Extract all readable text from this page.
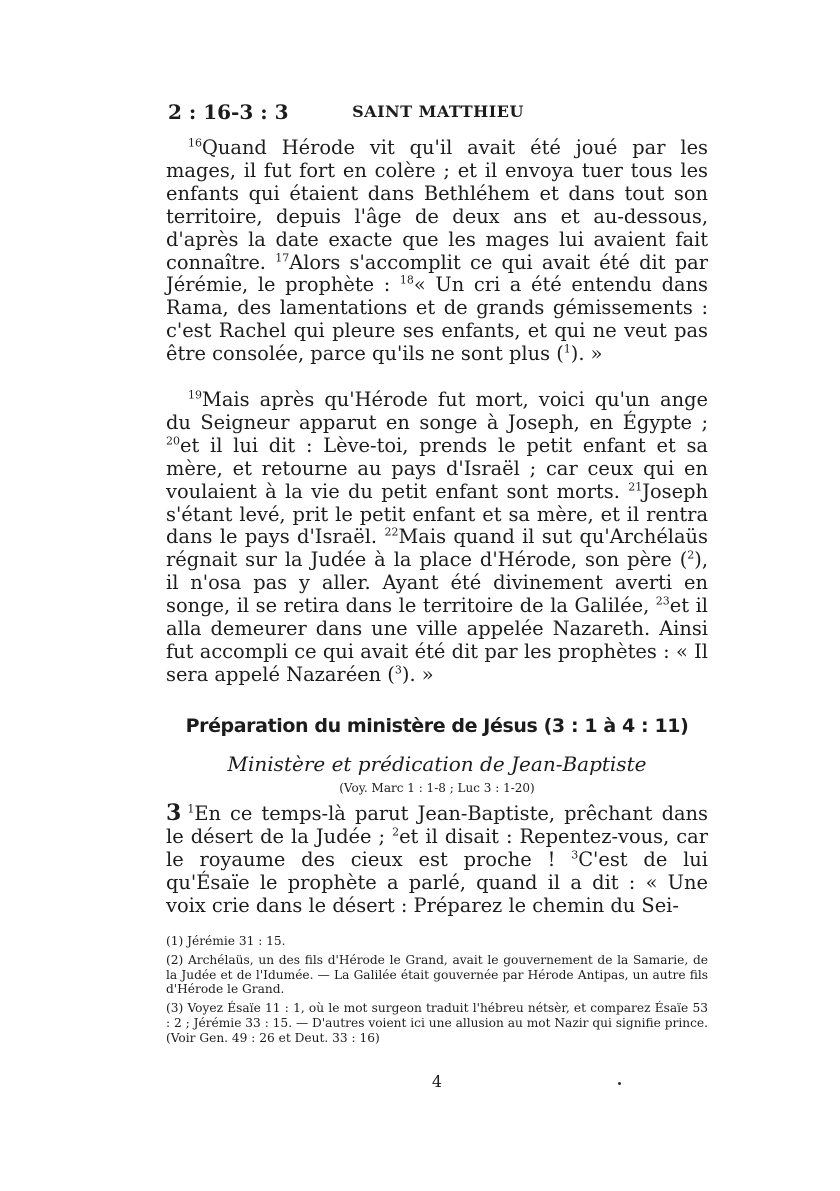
2 : 16-3 : 3	SAINT MATTHIEU

$^{16}$Quand Hérode vit qu'il avait été joué par les mages, il fut fort en colère ; et il envoya tuer tous les enfants qui étaient dans Bethléhem et dans tout son territoire, depuis l'âge de deux ans et au-dessous, d'après la date exacte que les mages lui avaient fait connaître. $^{17}$Alors s'accomplit ce qui avait été dit par Jérémie, le prophète : $^{18}$« Un cri a été entendu dans Rama, des lamentations et de grands gémissements : c'est Rachel qui pleure ses enfants, et qui ne veut pas être consolée, parce qu'ils ne sont plus ($^1$). »

$^{19}$Mais après qu'Hérode fut mort, voici qu'un ange du Seigneur apparut en songe à Joseph, en Égypte ; $^{20}$et il lui dit : Lève-toi, prends le petit enfant et sa mère, et retourne au pays d'Israël ; car ceux qui en voulaient à la vie du petit enfant sont morts. $^{21}$Joseph s'étant levé, prit le petit enfant et sa mère, et il rentra dans le pays d'Israël. $^{22}$Mais quand il sut qu'Archélaüs régnait sur la Judée à la place d'Hérode, son père ($^2$), il n'osa pas y aller. Ayant été divinement averti en songe, il se retira dans le territoire de la Galilée, $^{23}$et il alla demeurer dans une ville appelée Nazareth. Ainsi fut accompli ce qui avait été dit par les prophètes : « Il sera appelé Nazaréen ($^3$). »

Préparation du ministère de Jésus (3 : 1 à 4 : 11)
Ministère et prédication de Jean-Baptiste
(Voy. Marc 1 : 1-8 ; Luc 3 : 1-20)

3 $^1$En ce temps-là parut Jean-Baptiste, prêchant dans le désert de la Judée ; $^2$et il disait : Repentez-vous, car le royaume des cieux est proche ! $^3$C'est de lui qu'Ésaïe le prophète a parlé, quand il a dit : « Une voix crie dans le désert : Préparez le chemin du Sei-

(1) Jérémie 31 : 15.

(2) Archélaüs, un des fils d'Hérode le Grand, avait le gouvernement de la Samarie, de la Judée et de l'Idumée. — La Galilée était gouvernée par Hérode Antipas, un autre fils d'Hérode le Grand.

(3) Voyez Ésaïe 11 : 1, où le mot surgeon traduit l'hébreu nétsèr, et comparez Ésaïe 53 : 2 ; Jérémie 33 : 15. — D'autres voient ici une allusion au mot Nazir qui signifie prince. (Voir Gen. 49 : 26 et Deut. 33 : 16)

4
